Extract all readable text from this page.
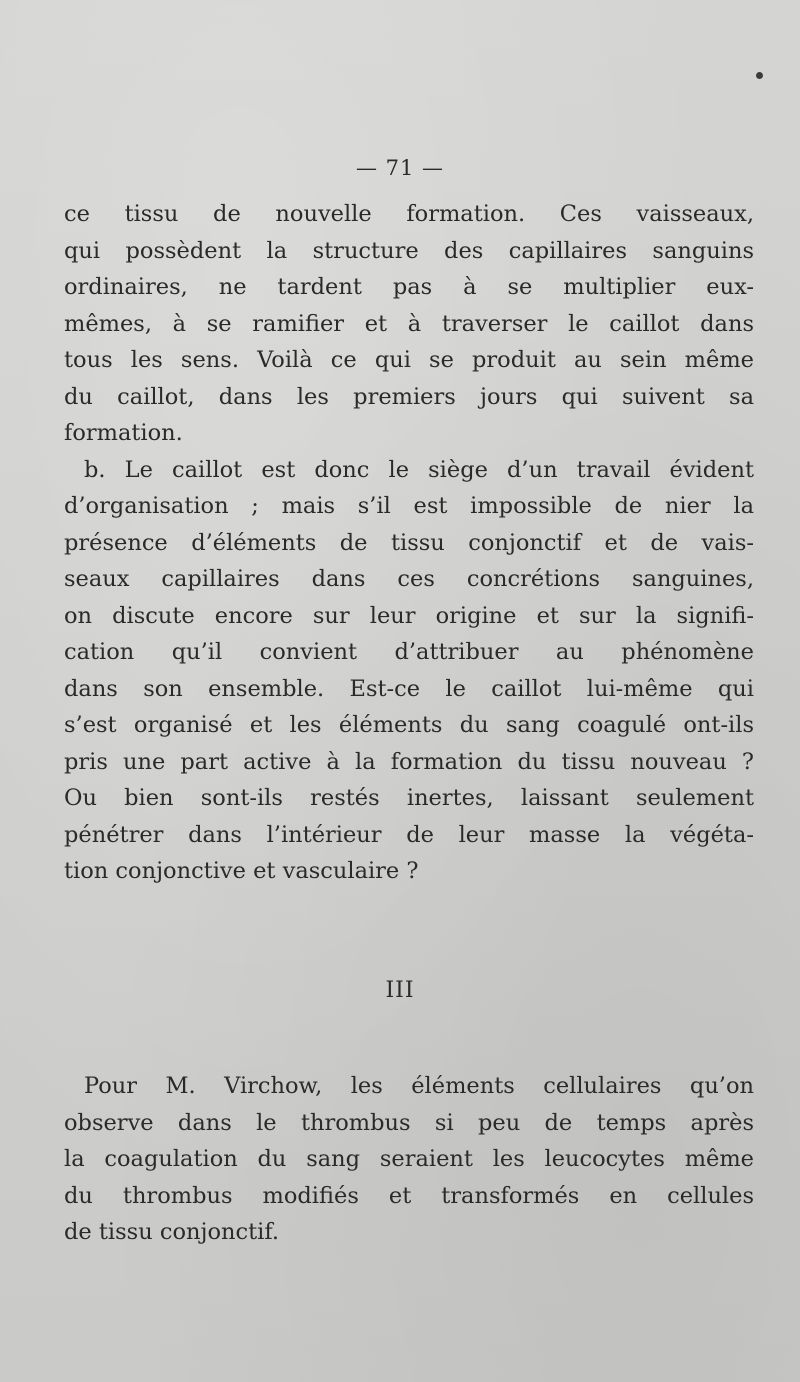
— 71 —
ce tissu de nouvelle formation. Ces vaisseaux,
qui possèdent la structure des capillaires sanguins
ordinaires, ne tardent pas à se multiplier eux-
mêmes, à se ramifier et à traverser le caillot dans
tous les sens. Voilà ce qui se produit au sein même
du caillot, dans les premiers jours qui suivent sa
formation.
b. Le caillot est donc le siège d’un travail évident
d’organisation ; mais s’il est impossible de nier la
présence d’éléments de tissu conjonctif et de vais-
seaux capillaires dans ces concrétions sanguines,
on discute encore sur leur origine et sur la signifi-
cation qu’il convient d’attribuer au phénomène
dans son ensemble. Est-ce le caillot lui-même qui
s’est organisé et les éléments du sang coagulé ont-ils
pris une part active à la formation du tissu nouveau ?
Ou bien sont-ils restés inertes, laissant seulement
pénétrer dans l’intérieur de leur masse la végéta-
tion conjonctive et vasculaire ?
III
Pour M. Virchow, les éléments cellulaires qu’on
observe dans le thrombus si peu de temps après
la coagulation du sang seraient les leucocytes même
du thrombus modifiés et transformés en cellules
de tissu conjonctif.
